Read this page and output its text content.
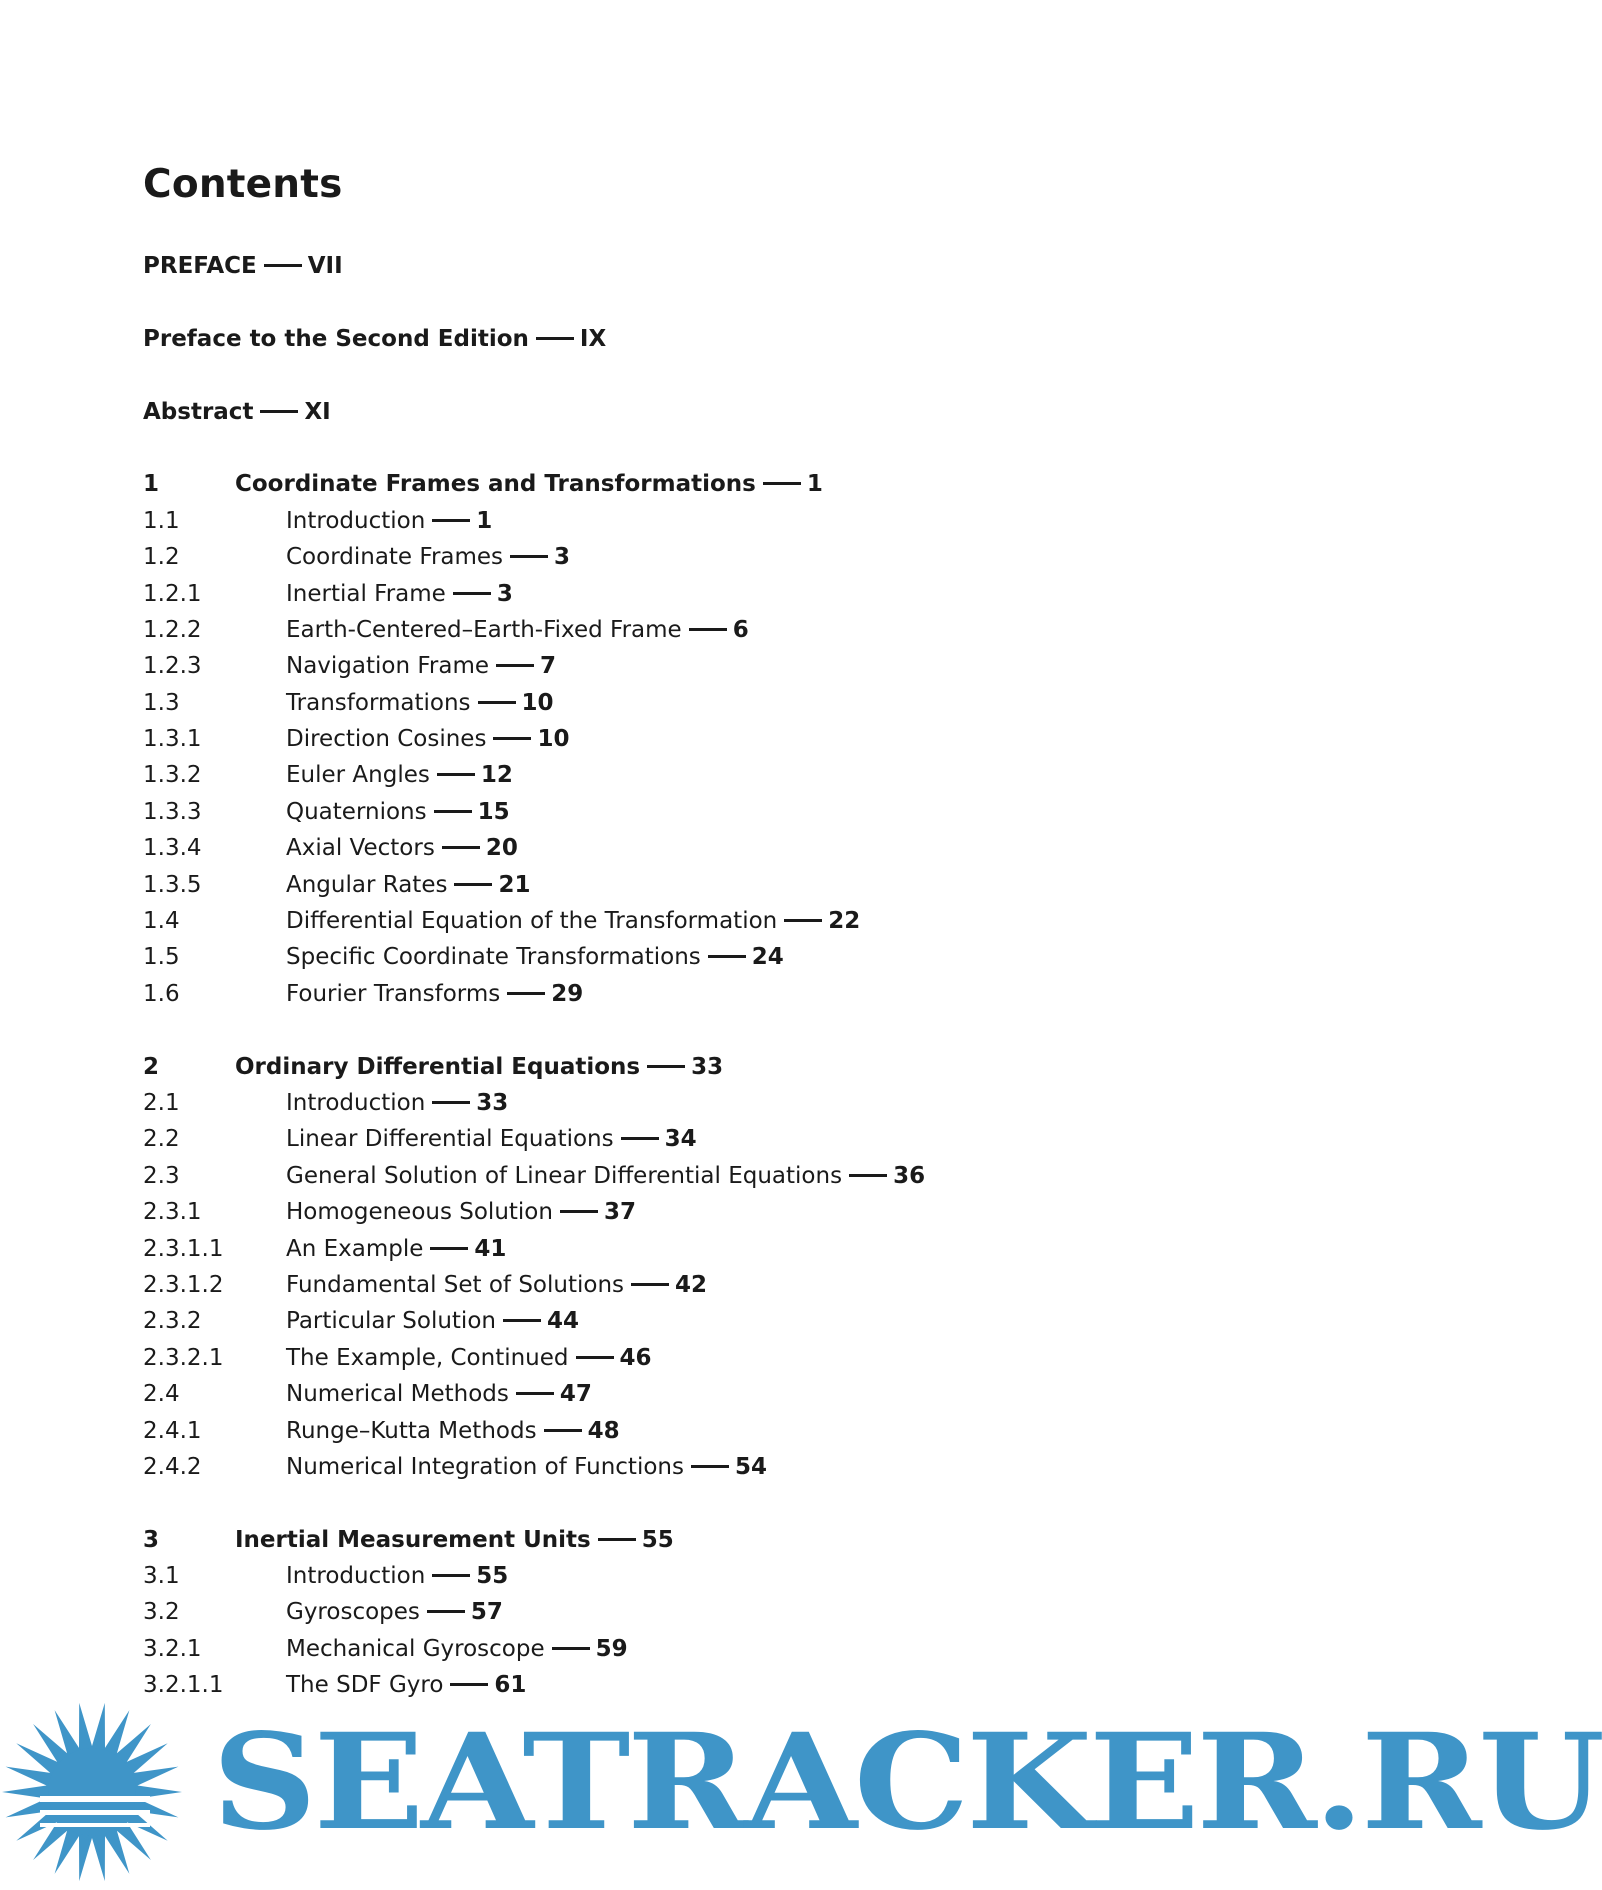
Contents
PREFACE VII
Preface to the Second Edition IX
Abstract XI
1	Coordinate Frames and Transformations 1
1.1	Introduction 1
1.2	Coordinate Frames 3
1.2.1	Inertial Frame 3
1.2.2	Earth-Centered–Earth-Fixed Frame 6
1.2.3	Navigation Frame 7
1.3	Transformations 10
1.3.1	Direction Cosines 10
1.3.2	Euler Angles 12
1.3.3	Quaternions 15
1.3.4	Axial Vectors 20
1.3.5	Angular Rates 21
1.4	Differential Equation of the Transformation 22
1.5	Specific Coordinate Transformations 24
1.6	Fourier Transforms 29
2	Ordinary Differential Equations 33
2.1	Introduction 33
2.2	Linear Differential Equations 34
2.3	General Solution of Linear Differential Equations 36
2.3.1	Homogeneous Solution 37
2.3.1.1	An Example 41
2.3.1.2	Fundamental Set of Solutions 42
2.3.2	Particular Solution 44
2.3.2.1	The Example, Continued 46
2.4	Numerical Methods 47
2.4.1	Runge–Kutta Methods 48
2.4.2	Numerical Integration of Functions 54
3	Inertial Measurement Units 55
3.1	Introduction 55
3.2	Gyroscopes 57
3.2.1	Mechanical Gyroscope 59
3.2.1.1	The SDF Gyro 61
SEATRACKER.RU
